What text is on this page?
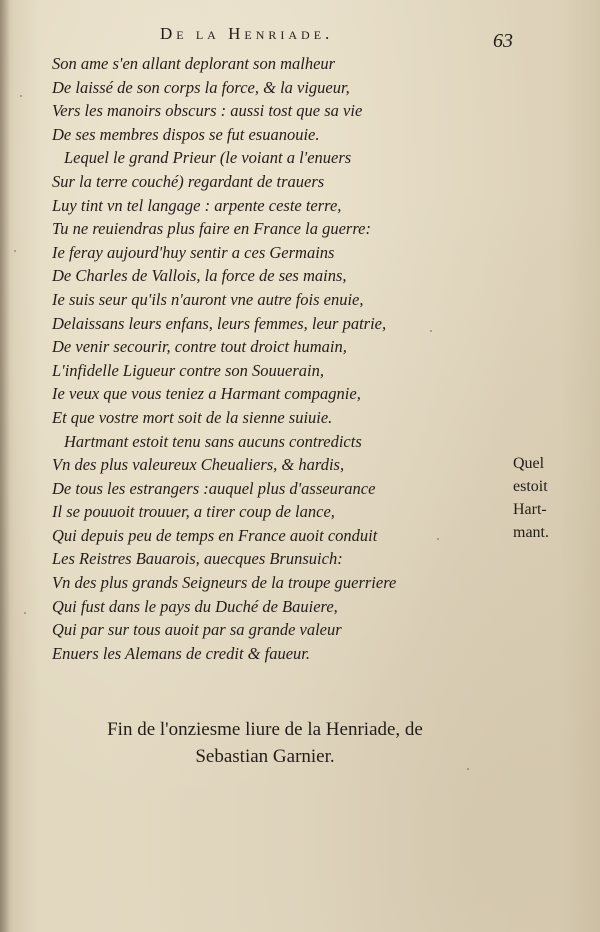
De la Henriade.	63
Son ame s'en allant deplorant son malheur
De laissé de son corps la force, & la vigueur,
Vers les manoirs obscurs : aussi tost que sa vie
De ses membres dispos se fut esuanouie.
Lequel le grand Prieur (le voiant a l'enuers
Sur la terre couché) regardant de trauers
Luy tint vn tel langage : arpente ceste terre,
Tu ne reuiendras plus faire en France la guerre:
Ie feray aujourd'huy sentir a ces Germains
De Charles de Vallois, la force de ses mains,
Ie suis seur qu'ils n'auront vne autre fois enuie,
Delaissans leurs enfans, leurs femmes, leur patrie,
De venir secourir, contre tout droict humain,
L'infidelle Ligueur contre son Souuerain,
Ie veux que vous teniez a Harmant compagnie,
Et que vostre mort soit de la sienne suiuie.
Hartmant estoit tenu sans aucuns contredicts
Vn des plus valeureux Cheualiers, & hardis,
De tous les estrangers :auquel plus d'asseurance
Il se pouuoit trouuer, a tirer coup de lance,
Qui depuis peu de temps en France auoit conduit
Les Reistres Bauarois, auecques Brunsuich:
Vn des plus grands Seigneurs de la troupe guerriere
Qui fust dans le pays du Duché de Bauiere,
Qui par sur tous auoit par sa grande valeur
Enuers les Alemans de credit & faueur.
Quel
estoit
Hart-
mant.
Fin de l'onziesme liure de la Henriade, de
Sebastian Garnier.
